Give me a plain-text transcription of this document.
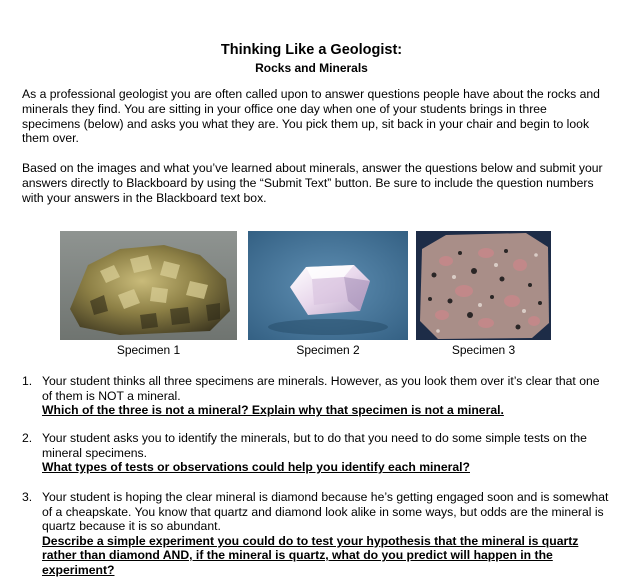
Thinking Like a Geologist:
Rocks and Minerals

As a professional geologist you are often called upon to answer questions people have about the rocks and minerals they find. You are sitting in your office one day when one of your students brings in three specimens (below) and asks you what they are. You pick them up, sit back in your chair and begin to look them over.

Based on the images and what you’ve learned about minerals, answer the questions below and submit your answers directly to Blackboard by using the “Submit Text” button. Be sure to include the question numbers with your answers in the Blackboard text box.

Specimen 1	Specimen 2	Specimen 3
1. Your student thinks all three specimens are minerals. However, as you look them over it’s clear that one of them is NOT a mineral.
Which of the three is not a mineral? Explain why that specimen is not a mineral.
2. Your student asks you to identify the minerals, but to do that you need to do some simple tests on the mineral specimens.
What types of tests or observations could help you identify each mineral?
3. Your student is hoping the clear mineral is diamond because he’s getting engaged soon and is somewhat of a cheapskate. You know that quartz and diamond look alike in some ways, but odds are the mineral is quartz because it is so abundant.
Describe a simple experiment you could do to test your hypothesis that the mineral is quartz rather than diamond AND, if the mineral is quartz, what do you predict will happen in the experiment?
